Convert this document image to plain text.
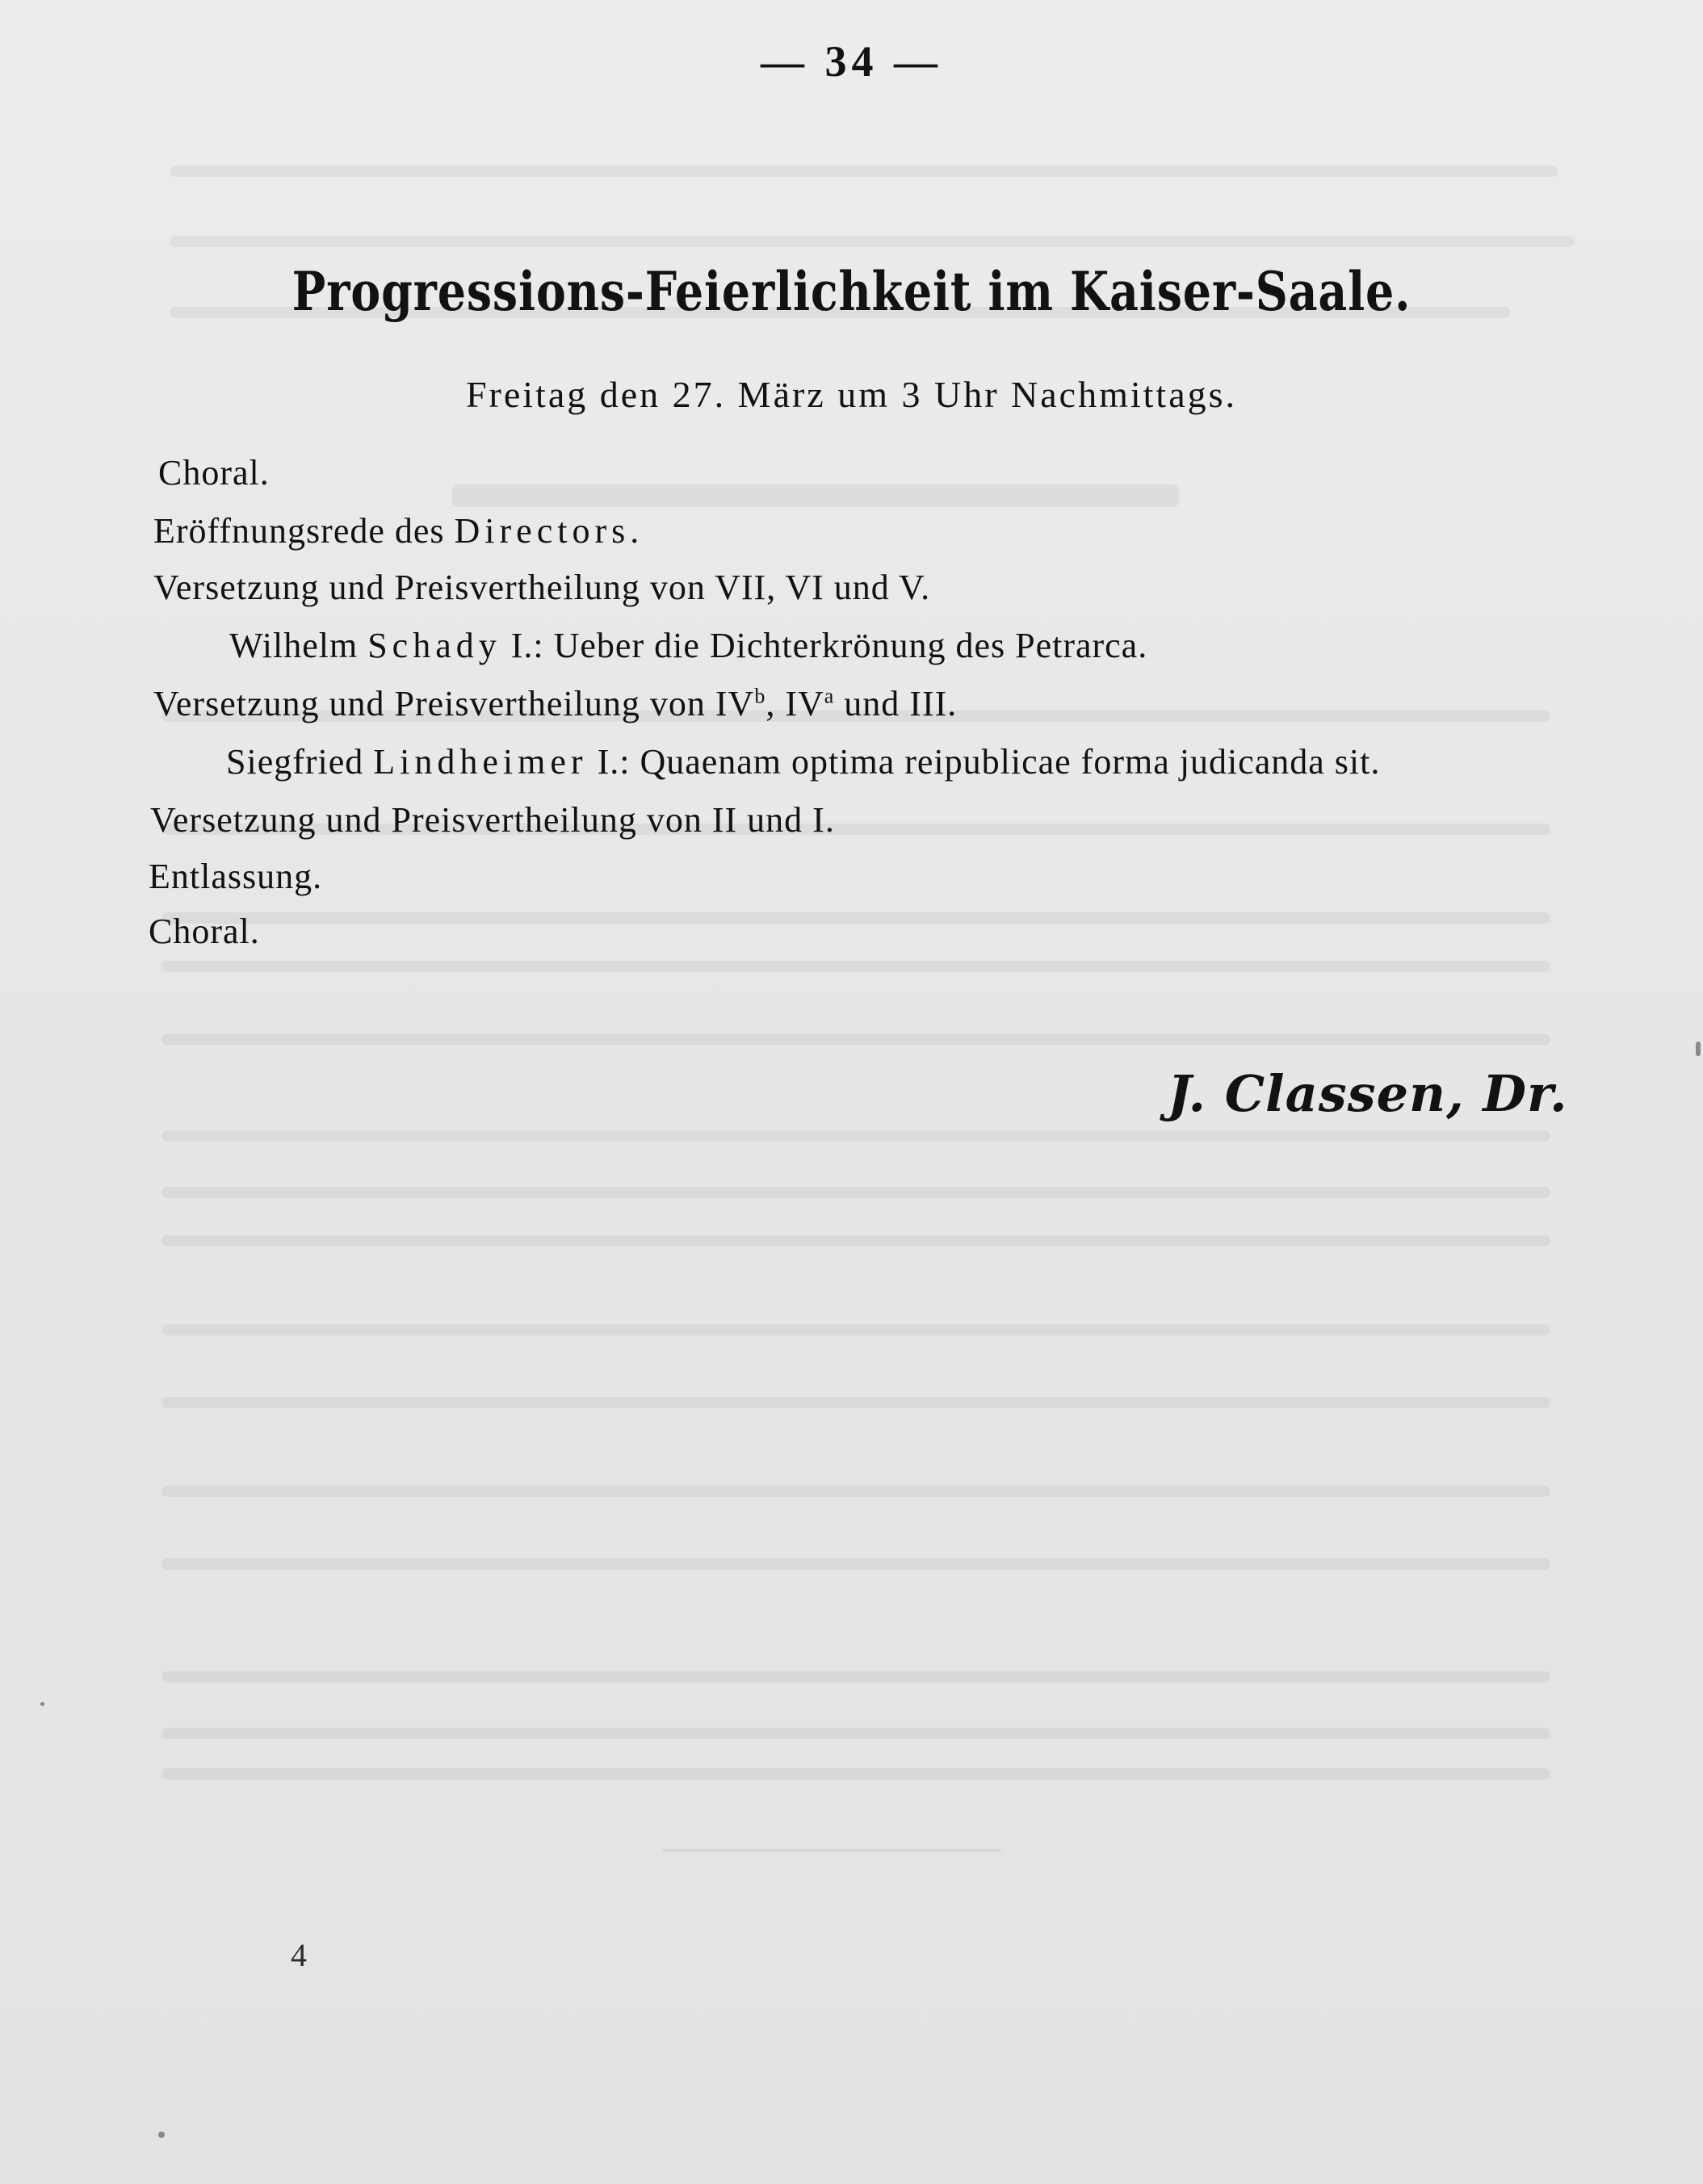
— 34 —
Progressions-Feierlichkeit im Kaiser-Saale.
Freitag den 27. März um 3 Uhr Nachmittags.
Choral.
Eröffnungsrede des Directors.
Versetzung und Preisvertheilung von VII, VI und V.
Wilhelm Schady I.: Ueber die Dichterkrönung des Petrarca.
Versetzung und Preisvertheilung von $IV^b$, $IV^a$ und III.
Siegfried Lindheimer I.: Quaenam optima reipublicae forma judicanda sit.
Versetzung und Preisvertheilung von II und I.
Entlassung.
Choral.
J. Classen, Dr.
4
